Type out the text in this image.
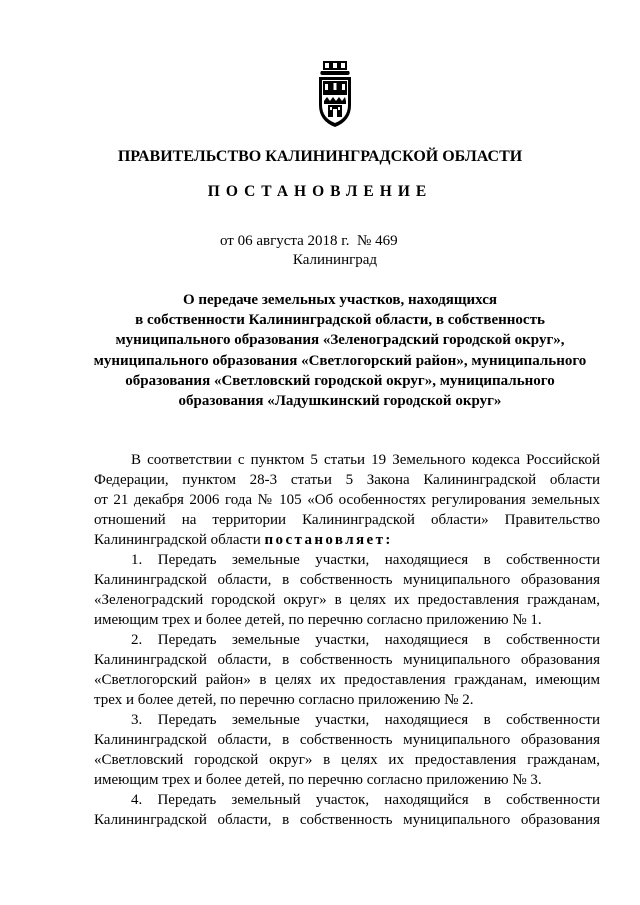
ПРАВИТЕЛЬСТВО КАЛИНИНГРАДСКОЙ ОБЛАСТИ
ПОСТАНОВЛЕНИЕ
от 06 августа 2018 г. № 469
Калининград
О передаче земельных участков, находящихся
в собственности Калининградской области, в собственность
муниципального образования «Зеленоградский городской округ»,
муниципального образования «Светлогорский район», муниципального
образования «Светловский городской округ», муниципального
образования «Ладушкинский городской округ»
В соответствии с пунктом 5 статьи 19 Земельного кодекса Российской
Федерации, пунктом 28-3 статьи 5 Закона Калининградской области
от 21 декабря 2006 года № 105 «Об особенностях регулирования земельных
отношений на территории Калининградской области» Правительство
Калининградской области постановляет:
1. Передать земельные участки, находящиеся в собственности
Калининградской области, в собственность муниципального образования
«Зеленоградский городской округ» в целях их предоставления гражданам,
имеющим трех и более детей, по перечню согласно приложению № 1.
2. Передать земельные участки, находящиеся в собственности
Калининградской области, в собственность муниципального образования
«Светлогорский район» в целях их предоставления гражданам, имеющим
трех и более детей, по перечню согласно приложению № 2.
3. Передать земельные участки, находящиеся в собственности
Калининградской области, в собственность муниципального образования
«Светловский городской округ» в целях их предоставления гражданам,
имеющим трех и более детей, по перечню согласно приложению № 3.
4. Передать земельный участок, находящийся в собственности
Калининградской области, в собственность муниципального образования
